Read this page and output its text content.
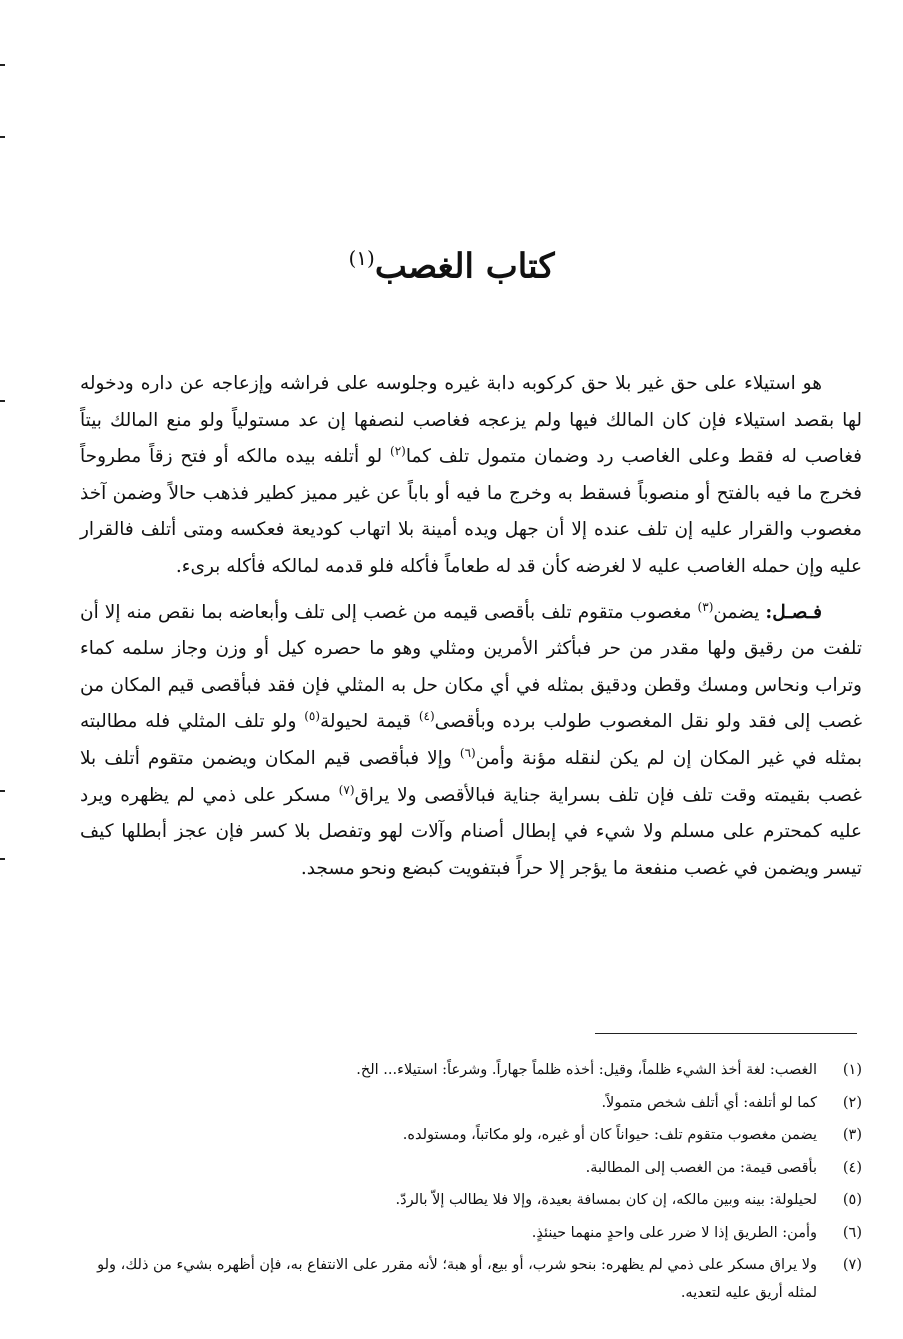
كتاب الغصب$^{(١)}$

هو استيلاء على حق غير بلا حق كركوبه دابة غيره وجلوسه على فراشه وإزعاجه عن داره ودخوله لها بقصد استيلاء فإن كان المالك فيها ولم يزعجه فغاصب لنصفها إن عد مستولياً ولو منع المالك بيتاً فغاصب له فقط وعلى الغاصب رد وضمان متمول تلف كما$^{(٢)}$ لو أتلفه بيده مالكه أو فتح زقاً مطروحاً فخرج ما فيه بالفتح أو منصوباً فسقط به وخرج ما فيه أو باباً عن غير مميز كطير فذهب حالاً وضمن آخذ مغصوب والقرار عليه إن تلف عنده إلا أن جهل ويده أمينة بلا اتهاب كوديعة فعكسه ومتى أتلف فالقرار عليه وإن حمله الغاصب عليه لا لغرضه كأن قد له طعاماً فأكله فلو قدمه لمالكه فأكله برىء.

فـصـل: يضمن$^{(٣)}$ مغصوب متقوم تلف بأقصى قيمه من غصب إلى تلف وأبعاضه بما نقص منه إلا أن تلفت من رقيق ولها مقدر من حر فبأكثر الأمرين ومثلي وهو ما حصره كيل أو وزن وجاز سلمه كماء وتراب ونحاس ومسك وقطن ودقيق بمثله في أي مكان حل به المثلي فإن فقد فبأقصى قيم المكان من غصب إلى فقد ولو نقل المغصوب طولب برده وبأقصى$^{(٤)}$ قيمة لحيولة$^{(٥)}$ ولو تلف المثلي فله مطالبته بمثله في غير المكان إن لم يكن لنقله مؤنة وأمن$^{(٦)}$ وإلا فبأقصى قيم المكان ويضمن متقوم أتلف بلا غصب بقيمته وقت تلف فإن تلف بسراية جناية فبالأقصى ولا يراق$^{(٧)}$ مسكر على ذمي لم يظهره ويرد عليه كمحترم على مسلم ولا شيء في إبطال أصنام وآلات لهو وتفصل بلا كسر فإن عجز أبطلها كيف تيسر ويضمن في غصب منفعة ما يؤجر إلا حراً فبتفويت كبضع ونحو مسجد.

(١)
الغصب: لغة أخذ الشيء ظلماً، وقيل: أخذه ظلماً جهاراً. وشرعاً: استيلاء... الخ.
(٢)
كما لو أتلفه: أي أتلف شخص متمولاً.
(٣)
يضمن مغصوب متقوم تلف: حيواناً كان أو غيره، ولو مكاتباً، ومستولده.
(٤)
بأقصى قيمة: من الغصب إلى المطالبة.
(٥)
لحيلولة: بينه وبين مالكه، إن كان بمسافة بعيدة، وإلا فلا يطالب إلاّ بالردّ.
(٦)
وأمن: الطريق إذا لا ضرر على واحدٍ منهما حينئذٍ.
(٧)
ولا يراق مسكر على ذمي لم يظهره: بنحو شرب، أو بيع، أو هبة؛ لأنه مقرر على الانتفاع به، فإن أظهره بشيء من ذلك، ولو لمثله أريق عليه لتعديه.
